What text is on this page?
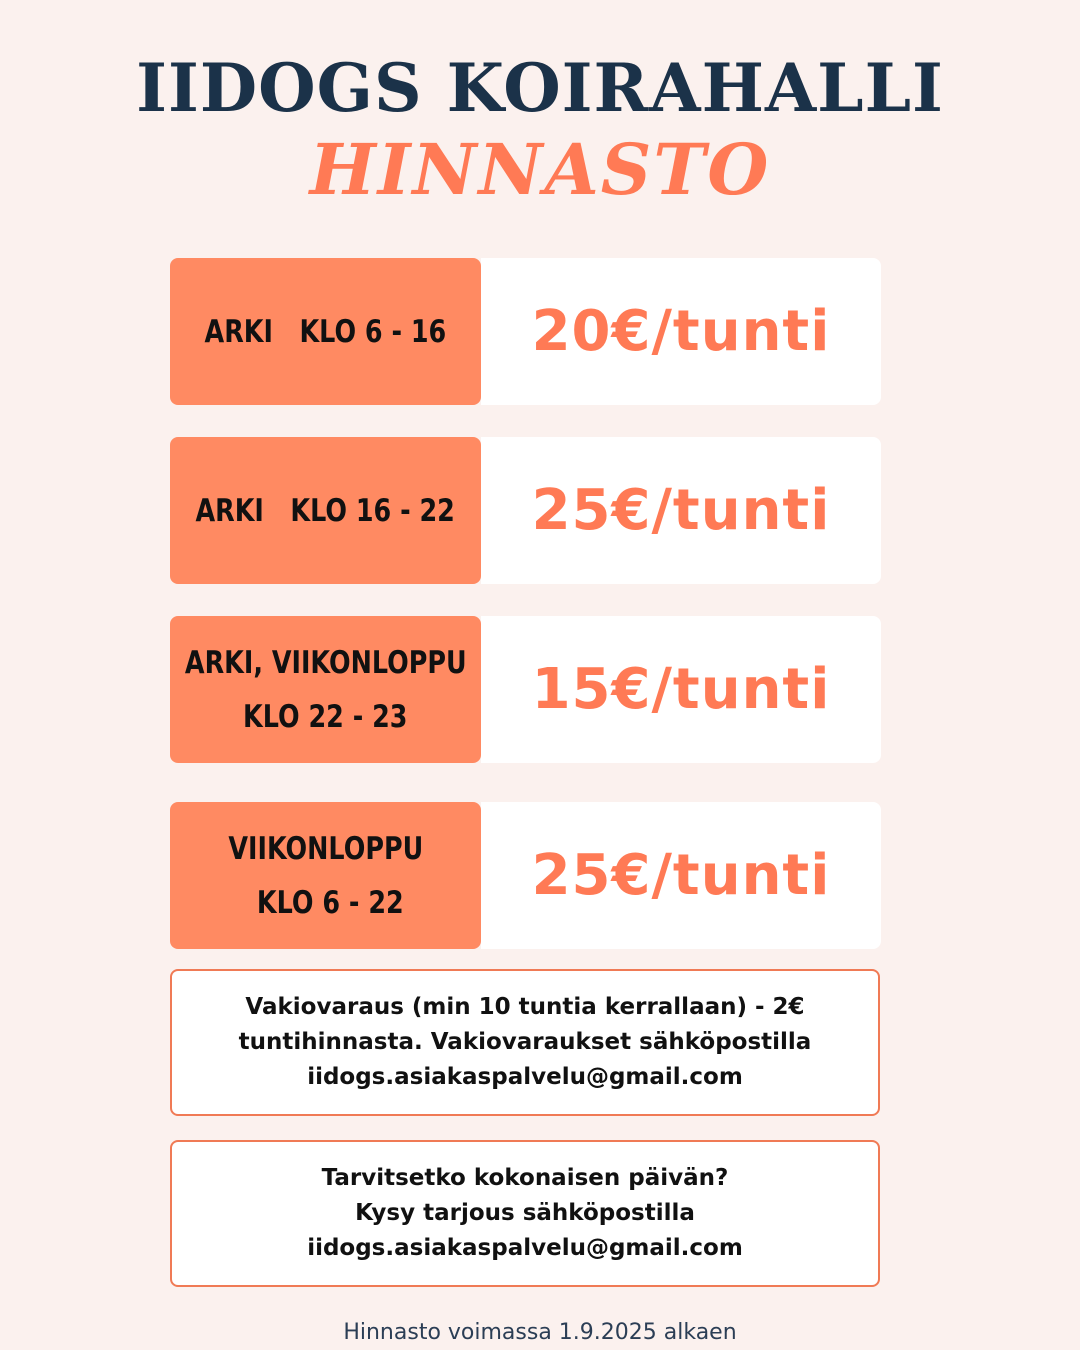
IIDOGS KOIRAHALLI
HINNASTO
ARKI   KLO 6 - 16 20€/tunti
ARKI   KLO 16 - 22 25€/tunti
ARKI, VIIKONLOPPU
KLO 22 - 23 15€/tunti
VIIKONLOPPU
KLO 6 - 22 25€/tunti
Vakiovaraus (min 10 tuntia kerrallaan) - 2€
tuntihinnasta. Vakiovaraukset sähköpostilla
iidogs.asiakaspalvelu@gmail.com
Tarvitsetko kokonaisen päivän?
Kysy tarjous sähköpostilla
iidogs.asiakaspalvelu@gmail.com
Hinnasto voimassa 1.9.2025 alkaen
